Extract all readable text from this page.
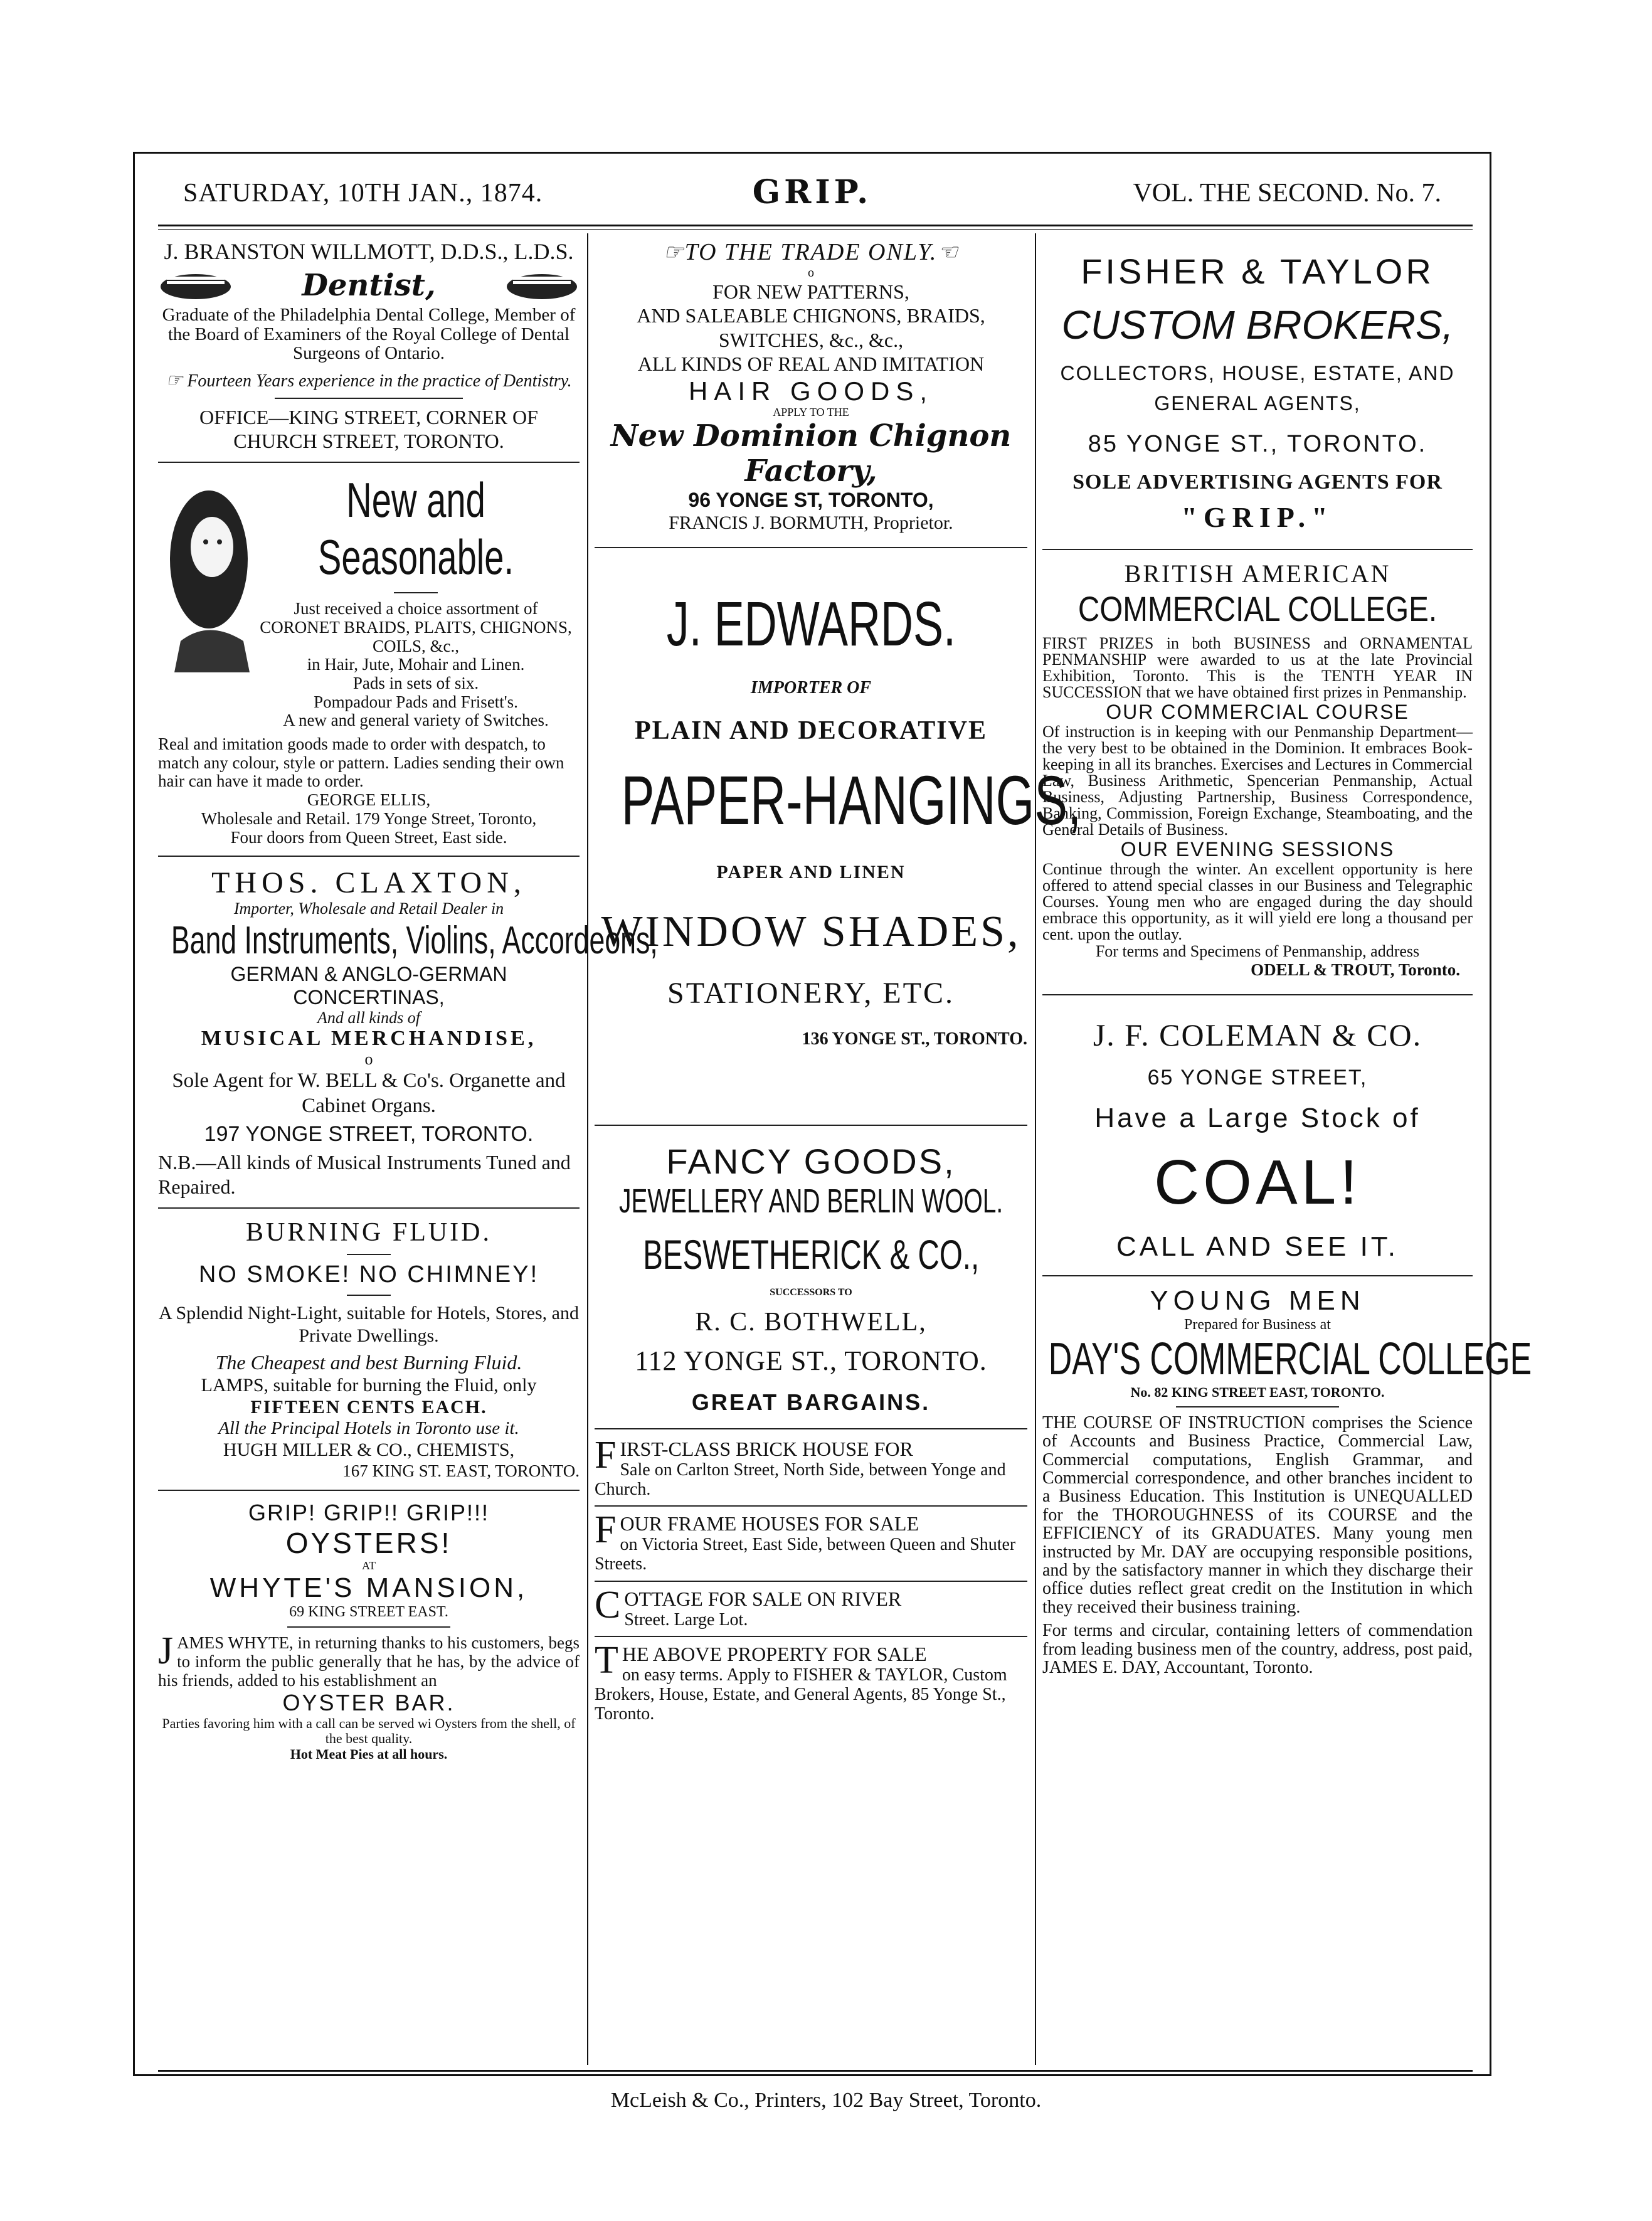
SATURDAY, 10TH JAN., 1874.	GRIP.	VOL. THE SECOND. No. 7.
J. BRANSTON WILLMOTT, D.D.S., L.D.S.
Dentist,
Graduate of the Philadelphia Dental College, Member of the Board of Examiners of the Royal College of Dental Surgeons of Ontario.
☞ Fourteen Years experience in the practice of Dentistry.
OFFICE—KING STREET, CORNER OF CHURCH STREET, TORONTO.
New and Seasonable.
Just received a choice assortment of
CORONET BRAIDS, PLAITS, CHIGNONS, COILS, &c.,
in Hair, Jute, Mohair and Linen.
Pads in sets of six.
Pompadour Pads and Frisett's.
A new and general variety of Switches.
Real and imitation goods made to order with despatch, to match any colour, style or pattern. Ladies sending their own hair can have it made to order.
GEORGE ELLIS,
Wholesale and Retail. 179 Yonge Street, Toronto,
Four doors from Queen Street, East side.
THOS. CLAXTON,
Importer, Wholesale and Retail Dealer in
Band Instruments, Violins, Accordeons,
GERMAN & ANGLO-GERMAN CONCERTINAS,
And all kinds of
MUSICAL MERCHANDISE,
o
Sole Agent for W. BELL & Co's. Organette and Cabinet Organs.
197 YONGE STREET, TORONTO.
N.B.—All kinds of Musical Instruments Tuned and Repaired.
BURNING FLUID.
NO SMOKE! NO CHIMNEY!
A Splendid Night-Light, suitable for Hotels, Stores, and Private Dwellings.
The Cheapest and best Burning Fluid.
LAMPS, suitable for burning the Fluid, only
FIFTEEN CENTS EACH.
All the Principal Hotels in Toronto use it.
HUGH MILLER & CO., CHEMISTS,
167 KING ST. EAST, TORONTO.
GRIP! GRIP!! GRIP!!!
OYSTERS!
AT
WHYTE'S MANSION,
69 KING STREET EAST.
J AMES WHYTE, in returning thanks to his customers, begs to inform the public generally that he has, by the advice of his friends, added to his establishment an
OYSTER BAR.
Parties favoring him with a call can be served wi Oysters from the shell, of the best quality.
Hot Meat Pies at all hours.
☞TO THE TRADE ONLY.☜
o
FOR NEW PATTERNS,
AND SALEABLE CHIGNONS, BRAIDS,
SWITCHES, &c., &c.,
ALL KINDS OF REAL AND IMITATION
HAIR GOODS,
APPLY TO THE
New Dominion Chignon Factory,
96 YONGE ST, TORONTO,
FRANCIS J. BORMUTH, Proprietor.
J. EDWARDS.
IMPORTER OF
PLAIN AND DECORATIVE
PAPER-HANGINGS,
PAPER AND LINEN
WINDOW SHADES,
STATIONERY, ETC.
136 YONGE ST., TORONTO.
FANCY GOODS,
JEWELLERY AND BERLIN WOOL. BESWETHERICK & CO.,
SUCCESSORS TO
R. C. BOTHWELL,
112 YONGE ST., TORONTO.
GREAT BARGAINS.
FIRST-CLASS BRICK HOUSE FOR
Sale on Carlton Street, North Side, between Yonge and Church.
FOUR FRAME HOUSES FOR SALE
on Victoria Street, East Side, between Queen and Shuter Streets.
COTTAGE FOR SALE ON RIVER
Street. Large Lot.
THE ABOVE PROPERTY FOR SALE
on easy terms. Apply to FISHER & TAYLOR, Custom Brokers, House, Estate, and General Agents, 85 Yonge St., Toronto.
FISHER & TAYLOR
CUSTOM BROKERS,
COLLECTORS, HOUSE, ESTATE, AND GENERAL AGENTS,
85 YONGE ST., TORONTO.
SOLE ADVERTISING AGENTS FOR
"GRIP."
BRITISH AMERICAN
COMMERCIAL COLLEGE.
FIRST PRIZES in both BUSINESS and ORNAMENTAL PENMANSHIP were awarded to us at the late Provincial Exhibition, Toronto. This is the TENTH YEAR IN SUCCESSION that we have obtained first prizes in Penmanship.
OUR COMMERCIAL COURSE
Of instruction is in keeping with our Penmanship Department—the very best to be obtained in the Dominion. It embraces Book-keeping in all its branches. Exercises and Lectures in Commercial Law, Business Arithmetic, Spencerian Penmanship, Actual Business, Adjusting Partnership, Business Correspondence, Banking, Commission, Foreign Exchange, Steamboating, and the General Details of Business.
OUR EVENING SESSIONS
Continue through the winter. An excellent opportunity is here offered to attend special classes in our Business and Telegraphic Courses. Young men who are engaged during the day should embrace this opportunity, as it will yield ere long a thousand per cent. upon the outlay.
For terms and Specimens of Penmanship, address
ODELL & TROUT, Toronto.
J. F. COLEMAN & CO.
65 YONGE STREET,
Have a Large Stock of
COAL!
CALL AND SEE IT.
YOUNG MEN
Prepared for Business at
DAY'S COMMERCIAL COLLEGE
No. 82 KING STREET EAST, TORONTO.
THE COURSE OF INSTRUCTION comprises the Science of Accounts and Business Practice, Commercial Law, Commercial computations, English Grammar, and Commercial correspondence, and other branches incident to a Business Education. This Institution is UNEQUALLED for the THOROUGHNESS of its COURSE and the EFFICIENCY of its GRADUATES. Many young men instructed by Mr. DAY are occupying responsible positions, and by the satisfactory manner in which they discharge their office duties reflect great credit on the Institution in which they received their business training.
For terms and circular, containing letters of commendation from leading business men of the country, address, post paid, JAMES E. DAY, Accountant, Toronto.
McLeish & Co., Printers, 102 Bay Street, Toronto.
